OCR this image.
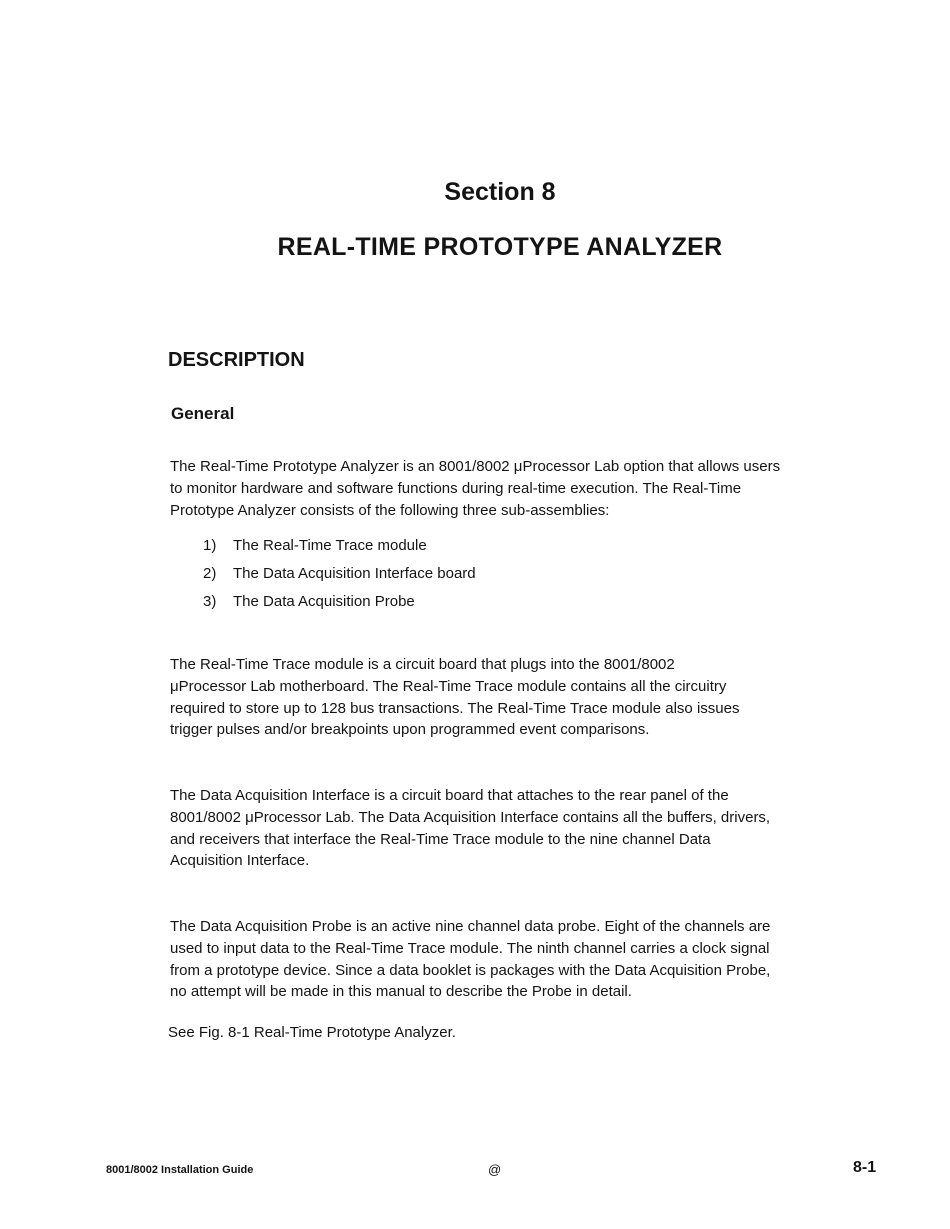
Section 8
REAL-TIME PROTOTYPE ANALYZER
DESCRIPTION
General
The Real-Time Prototype Analyzer is an 8001/8002 μProcessor Lab option that allows users
to monitor hardware and software functions during real-time execution. The Real-Time
Prototype Analyzer consists of the following three sub-assemblies:
1) The Real-Time Trace module
2) The Data Acquisition Interface board
3) The Data Acquisition Probe
The Real-Time Trace module is a circuit board that plugs into the 8001/8002
μProcessor Lab motherboard. The Real-Time Trace module contains all the circuitry
required to store up to 128 bus transactions. The Real-Time Trace module also issues
trigger pulses and/or breakpoints upon programmed event comparisons.
The Data Acquisition Interface is a circuit board that attaches to the rear panel of the
8001/8002 μProcessor Lab. The Data Acquisition Interface contains all the buffers, drivers,
and receivers that interface the Real-Time Trace module to the nine channel Data
Acquisition Interface.
The Data Acquisition Probe is an active nine channel data probe. Eight of the channels are
used to input data to the Real-Time Trace module. The ninth channel carries a clock signal
from a prototype device. Since a data booklet is packages with the Data Acquisition Probe,
no attempt will be made in this manual to describe the Probe in detail.
See Fig. 8-1 Real-Time Prototype Analyzer.
8001/8002 Installation Guide	@	8-1
